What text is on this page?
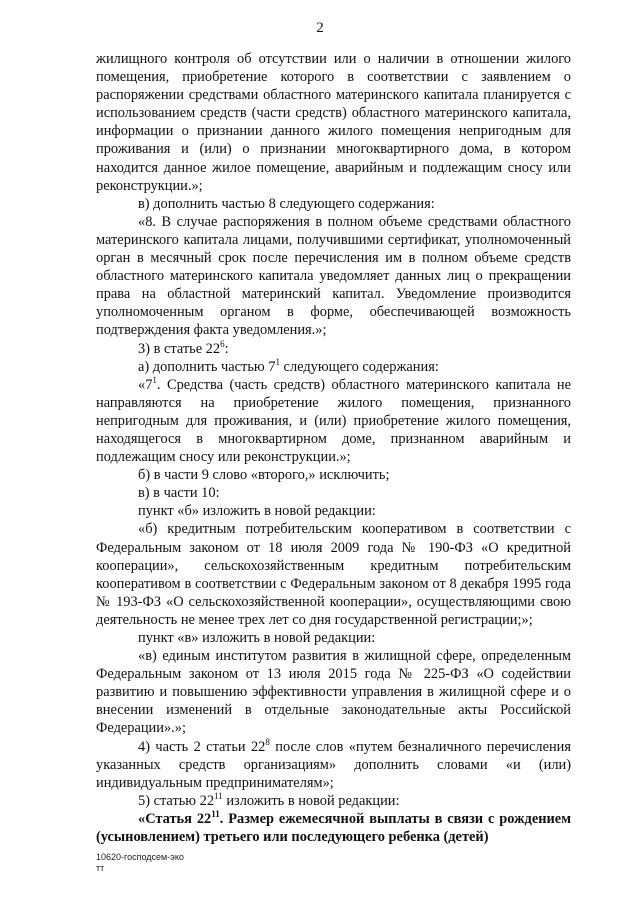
2

жилищного контроля об отсутствии или о наличии в отношении жилого помещения, приобретение которого в соответствии с заявлением о распоряжении средствами областного материнского капитала планируется с использованием средств (части средств) областного материнского капитала, информации о признании данного жилого помещения непригодным для проживания и (или) о признании многоквартирного дома, в котором находится данное жилое помещение, аварийным и подлежащим сносу или реконструкции.»;

в) дополнить частью 8 следующего содержания:

«8. В случае распоряжения в полном объеме средствами областного материнского капитала лицами, получившими сертификат, уполномоченный орган в месячный срок после перечисления им в полном объеме средств областного материнского капитала уведомляет данных лиц о прекращении права на областной материнский капитал. Уведомление производится уполномоченным органом в форме, обеспечивающей возможность подтверждения факта уведомления.»;

3) в статье $22^6$:

а) дополнить частью $7^1$ следующего содержания:

«$7^1$. Средства (часть средств) областного материнского капитала не направляются на приобретение жилого помещения, признанного непригодным для проживания, и (или) приобретение жилого помещения, находящегося в многоквартирном доме, признанном аварийным и подлежащим сносу или реконструкции.»;

б) в части 9 слово «второго,» исключить;

в) в части 10:

пункт «б» изложить в новой редакции:

«б) кредитным потребительским кооперативом в соответствии с Федеральным законом от 18 июля 2009 года № 190-ФЗ «О кредитной кооперации», сельскохозяйственным кредитным потребительским кооперативом в соответствии с Федеральным законом от 8 декабря 1995 года № 193-ФЗ «О сельскохозяйственной кооперации», осуществляющими свою деятельность не менее трех лет со дня государственной регистрации;»;

пункт «в» изложить в новой редакции:

«в) единым институтом развития в жилищной сфере, определенным Федеральным законом от 13 июля 2015 года № 225-ФЗ «О содействии развитию и повышению эффективности управления в жилищной сфере и о внесении изменений в отдельные законодательные акты Российской Федерации».»;

4) часть 2 статьи $22^8$ после слов «путем безналичного перечисления указанных средств организациям» дополнить словами «и (или) индивидуальным предпринимателям»;

5) статью $22^{11}$ изложить в новой редакции:

«Статья $22^{11}$. Размер ежемесячной выплаты в связи с рождением (усыновлением) третьего или последующего ребенка (детей)

10620-господсем-эко
тт
